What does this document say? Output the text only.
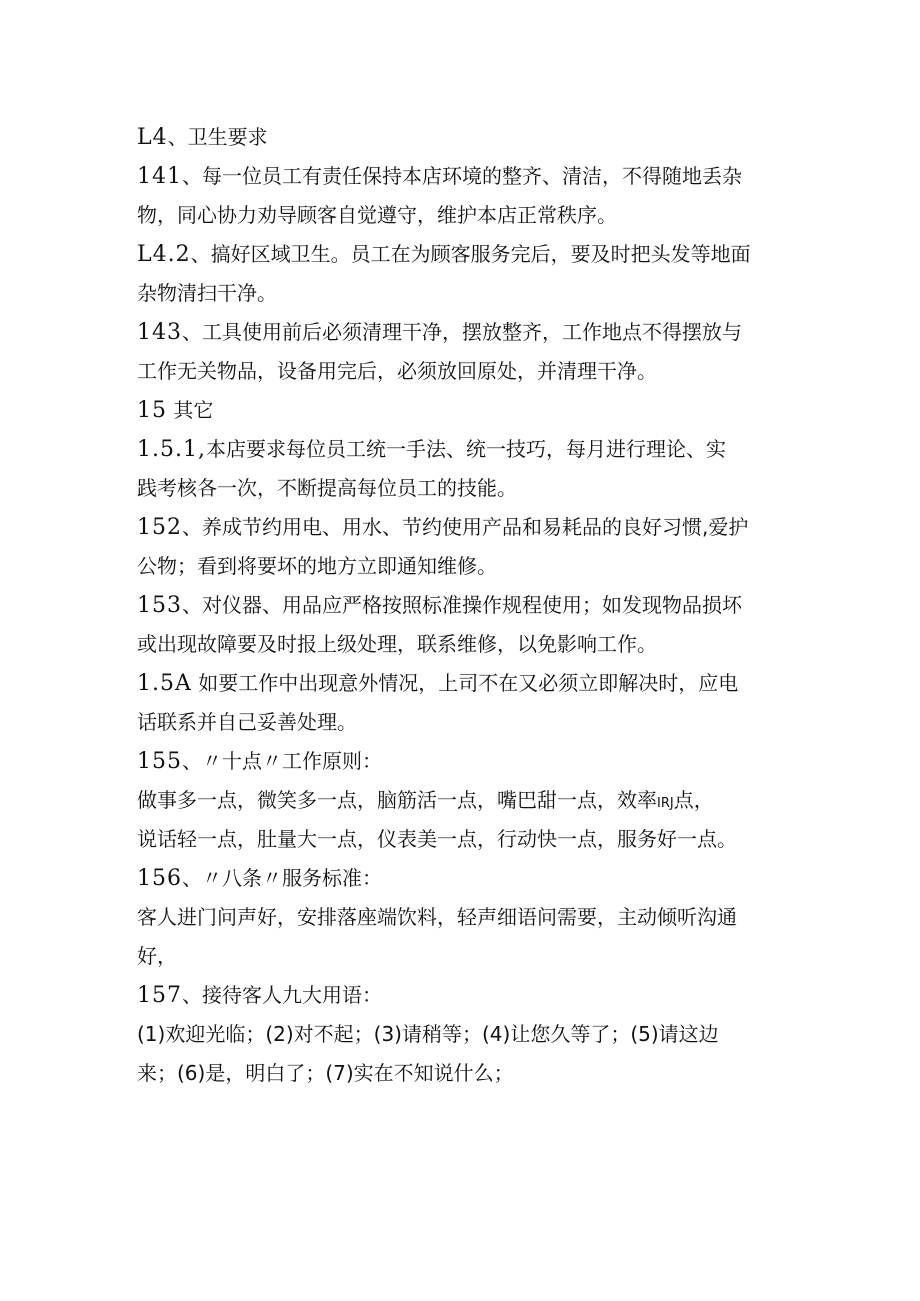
L4、卫生要求
141、每一位员工有责任保持本店环境的整齐、清洁，不得随地丢杂
物，同心协力劝导顾客自觉遵守，维护本店正常秩序。
L4.2、搞好区域卫生。员工在为顾客服务完后，要及时把头发等地面
杂物清扫干净。
143、工具使用前后必须清理干净，摆放整齐，工作地点不得摆放与
工作无关物品，设备用完后，必须放回原处，并清理干净。
15 其它
1.5.1,本店要求每位员工统一手法、统一技巧，每月进行理论、实
践考核各一次，不断提高每位员工的技能。
152、养成节约用电、用水、节约使用产品和易耗品的良好习惯,爱护
公物；看到将要坏的地方立即通知维修。
153、对仪器、用品应严格按照标准操作规程使用；如发现物品损坏
或出现故障要及时报上级处理，联系维修，以免影响工作。
1.5A 如要工作中出现意外情况，上司不在又必须立即解决时，应电
话联系并自己妥善处理。
155、〃十点〃工作原则：
做事多一点，微笑多一点，脑筋活一点，嘴巴甜一点，效率IRJ点，
说话轻一点，肚量大一点，仪表美一点，行动快一点，服务好一点。
156、〃八条〃服务标准：
客人进门问声好，安排落座端饮料，轻声细语问需要，主动倾听沟通
好，
157、接待客人九大用语：
(1)欢迎光临；(2)对不起；(3)请稍等；(4)让您久等了；(5)请这边
来；(6)是，明白了；(7)实在不知说什么；
